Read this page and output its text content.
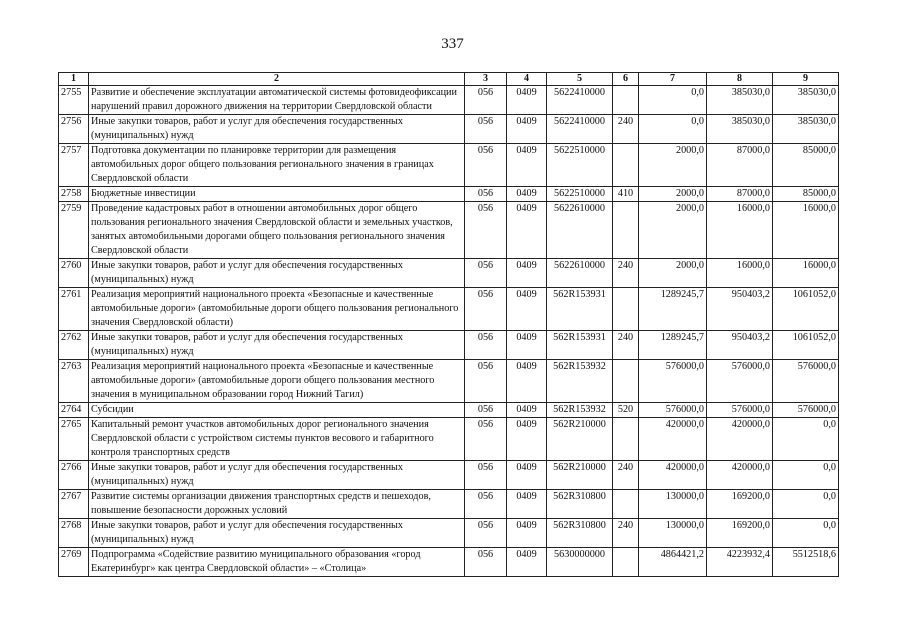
337
1	2	3	4	5	6	7	8	9
2755	Развитие и обеспечение эксплуатации автоматической системы фотовидеофиксации нарушений правил дорожного движения на территории Свердловской области	056	0409	5622410000		0,0	385030,0	385030,0
2756	Иные закупки товаров, работ и услуг для обеспечения государственных (муниципальных) нужд	056	0409	5622410000	240	0,0	385030,0	385030,0
2757	Подготовка документации по планировке территории для размещения автомобильных дорог общего пользования регионального значения в границах Свердловской области	056	0409	5622510000		2000,0	87000,0	85000,0
2758	Бюджетные инвестиции	056	0409	5622510000	410	2000,0	87000,0	85000,0
2759	Проведение кадастровых работ в отношении автомобильных дорог общего пользования регионального значения Свердловской области и земельных участков, занятых автомобильными дорогами общего пользования регионального значения Свердловской области	056	0409	5622610000		2000,0	16000,0	16000,0
2760	Иные закупки товаров, работ и услуг для обеспечения государственных (муниципальных) нужд	056	0409	5622610000	240	2000,0	16000,0	16000,0
2761	Реализация мероприятий национального проекта «Безопасные и качественные автомобильные дороги» (автомобильные дороги общего пользования регионального значения Свердловской области)	056	0409	562R153931		1289245,7	950403,2	1061052,0
2762	Иные закупки товаров, работ и услуг для обеспечения государственных (муниципальных) нужд	056	0409	562R153931	240	1289245,7	950403,2	1061052,0
2763	Реализация мероприятий национального проекта «Безопасные и качественные автомобильные дороги» (автомобильные дороги общего пользования местного значения в муниципальном образовании город Нижний Тагил)	056	0409	562R153932		576000,0	576000,0	576000,0
2764	Субсидии	056	0409	562R153932	520	576000,0	576000,0	576000,0
2765	Капитальный ремонт участков автомобильных дорог регионального значения Свердловской области с устройством системы пунктов весового и габаритного контроля транспортных средств	056	0409	562R210000		420000,0	420000,0	0,0
2766	Иные закупки товаров, работ и услуг для обеспечения государственных (муниципальных) нужд	056	0409	562R210000	240	420000,0	420000,0	0,0
2767	Развитие системы организации движения транспортных средств и пешеходов, повышение безопасности дорожных условий	056	0409	562R310800		130000,0	169200,0	0,0
2768	Иные закупки товаров, работ и услуг для обеспечения государственных (муниципальных) нужд	056	0409	562R310800	240	130000,0	169200,0	0,0
2769	Подпрограмма «Содействие развитию муниципального образования «город Екатеринбург» как центра Свердловской области» – «Столица»	056	0409	5630000000		4864421,2	4223932,4	5512518,6
